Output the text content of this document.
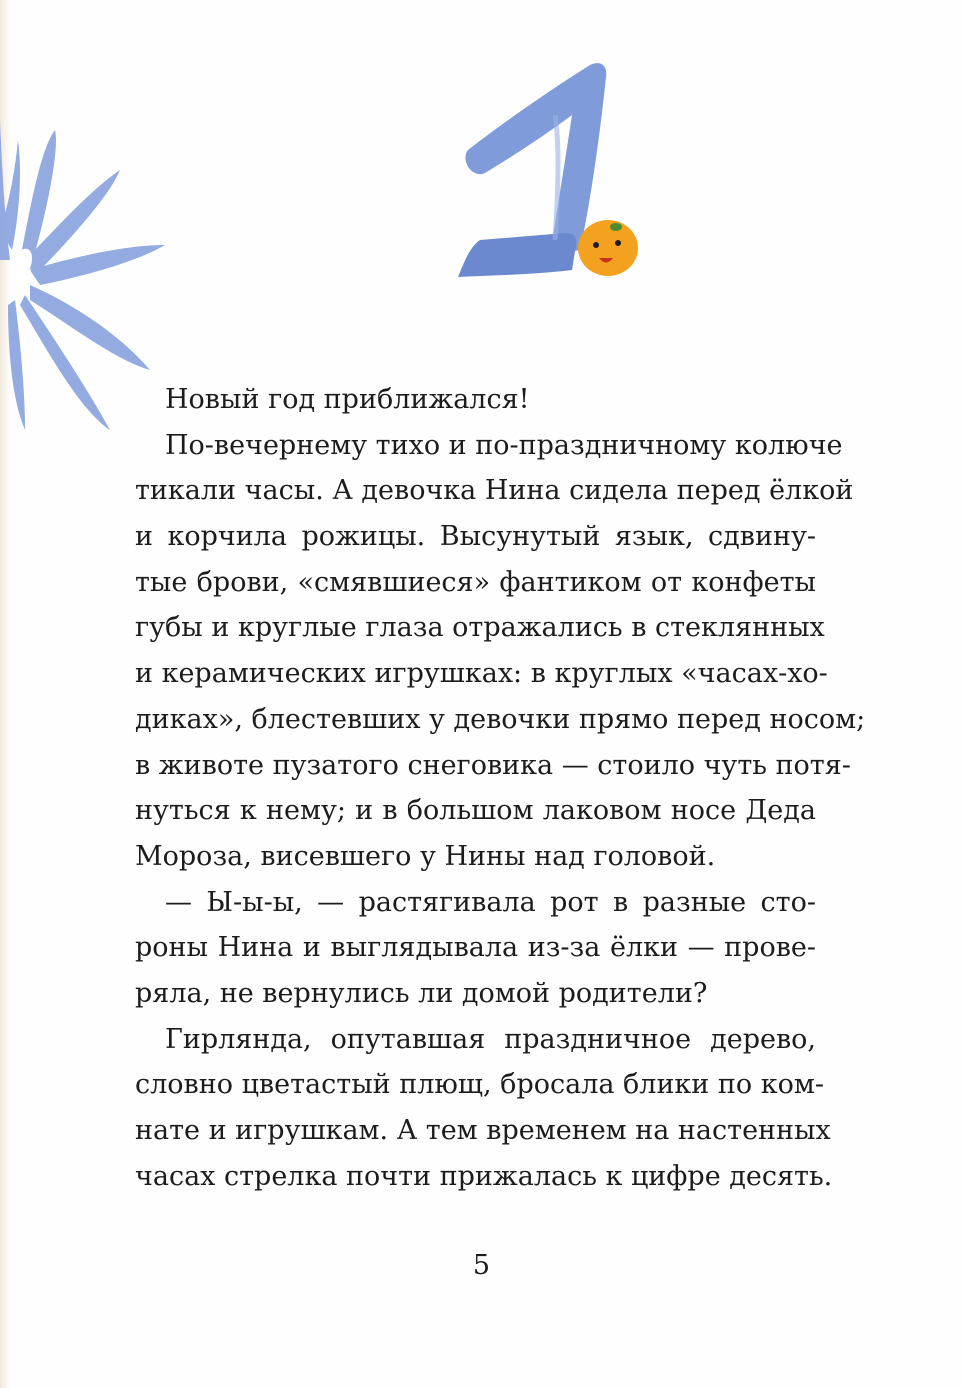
Новый год приближался!
По-вечернему тихо и по-праздничному колюче
тикали часы. А девочка Нина сидела перед ёлкой
и корчила рожицы. Высунутый язык, сдвину-
тые брови, «смявшиеся» фантиком от конфеты
губы и круглые глаза отражались в стеклянных
и керамических игрушках: в круглых «часах-хо-
диках», блестевших у девочки прямо перед носом;
в животе пузатого снеговика — стоило чуть потя-
нуться к нему; и в большом лаковом носе Деда
Мороза, висевшего у Нины над головой.
— Ы-ы-ы, — растягивала рот в разные сто-
роны Нина и выглядывала из-за ёлки — прове-
ряла, не вернулись ли домой родители?
Гирлянда, опутавшая праздничное дерево,
словно цветастый плющ, бросала блики по ком-
нате и игрушкам. А тем временем на настенных
часах стрелка почти прижалась к цифре десять.
5
